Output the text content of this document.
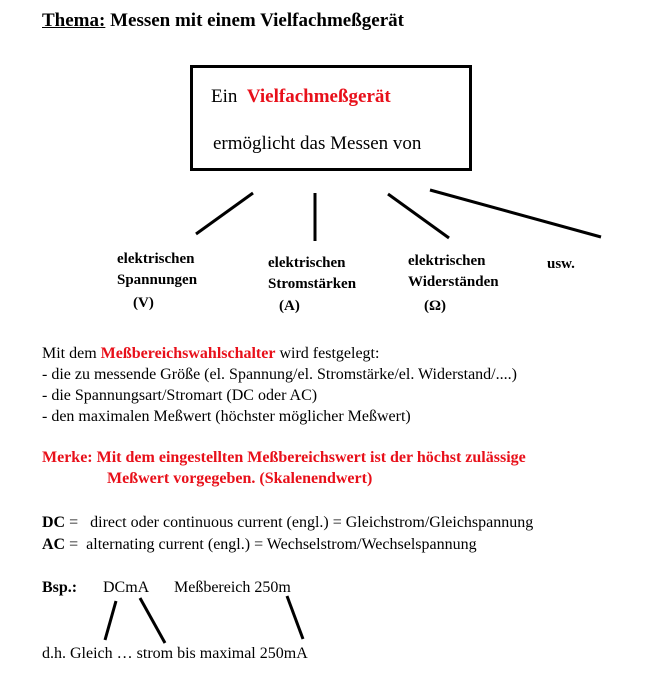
Thema: Messen mit einem Vielfachmeßgerät
Ein Vielfachmeßgerät
ermöglicht das Messen von
elektrischen
Spannungen
(V)
elektrischen
Stromstärken
(A)
elektrischen
Widerständen
(Ω)
usw.
Mit dem Meßbereichswahlschalter wird festgelegt:
- die zu messende Größe (el. Spannung/el. Stromstärke/el. Widerstand/....)
- die Spannungsart/Stromart (DC oder AC)
- den maximalen Meßwert (höchster möglicher Meßwert)
Merke: Mit dem eingestellten Meßbereichswert ist der höchst zulässige
Meßwert vorgegeben. (Skalenendwert)
DC = direct oder continuous current (engl.) = Gleichstrom/Gleichspannung
AC = alternating current (engl.) = Wechselstrom/Wechselspannung
Bsp.: DCmA Meßbereich 250m
d.h. Gleich … strom bis maximal 250mA
